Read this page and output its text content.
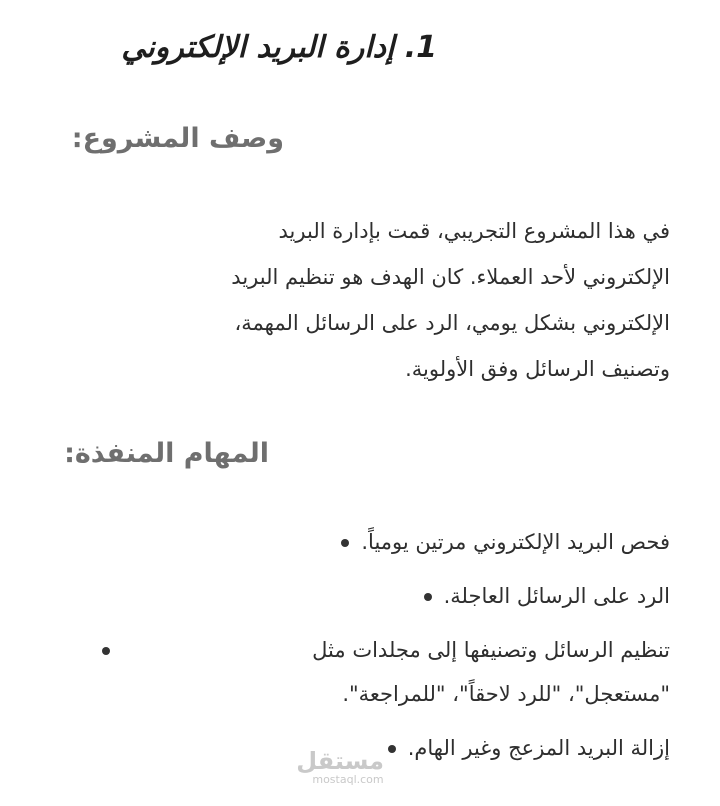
1. إدارة البريد الإلكتروني
وصف المشروع:
في هذا المشروع التجريبي، قمت بإدارة البريد
الإلكتروني لأحد العملاء. كان الهدف هو تنظيم البريد
الإلكتروني بشكل يومي، الرد على الرسائل المهمة،
وتصنيف الرسائل وفق الأولوية.
المهام المنفذة:
فحص البريد الإلكتروني مرتين يومياً.
الرد على الرسائل العاجلة.
تنظيم الرسائل وتصنيفها إلى مجلدات مثل
"مستعجل"، "للرد لاحقاً"، "للمراجعة".
إزالة البريد المزعج وغير الهام.
مستقل
mostaql.com
